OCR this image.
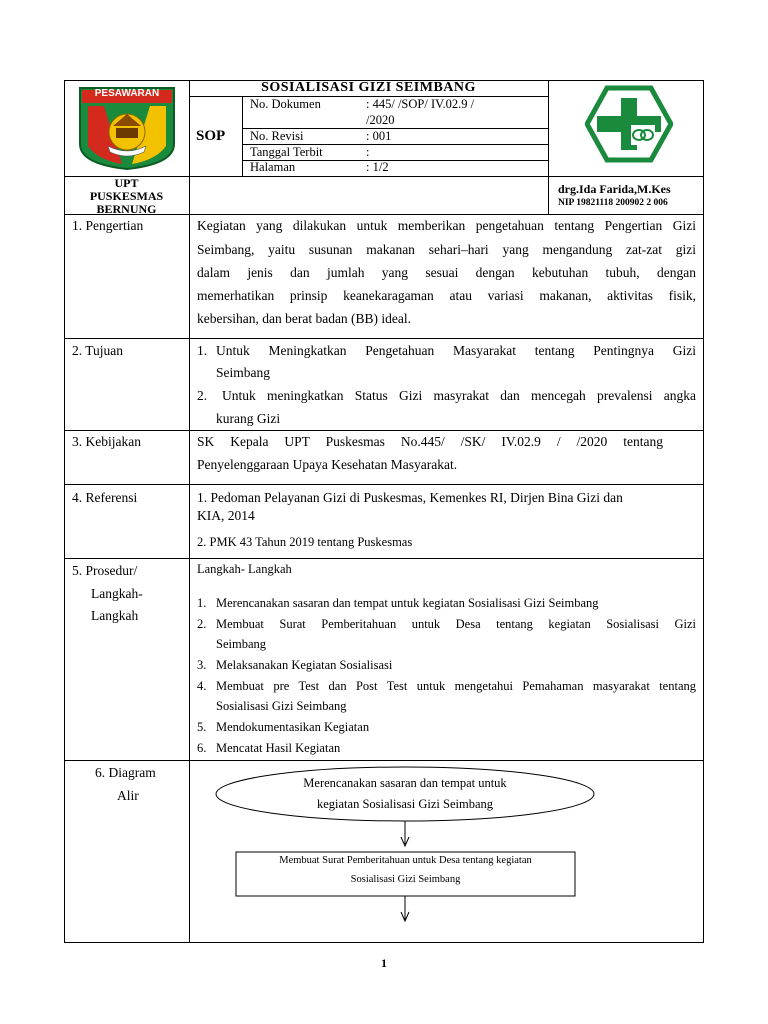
PESAWARAN	SOSIALISASI GIZI SEIMBANG
SOP
No. Dokumen	: 445/ /SOP/ IV.02.9 /
/2020
No. Revisi	: 001
Tanggal Terbit	:
Halaman	: 1/2
UPT
PUSKESMAS
BERNUNG
drg.Ida Farida,M.Kes
NIP 19821118 200902 2 006
1. Pengertian	Kegiatan yang dilakukan untuk memberikan pengetahuan tentang Pengertian Gizi
Seimbang, yaitu susunan makanan sehari–hari yang mengandung zat-zat gizi
dalam jenis dan jumlah yang sesuai dengan kebutuhan tubuh, dengan
memerhatikan prinsip keanekaragaman atau variasi makanan, aktivitas fisik,
kebersihan, dan berat badan (BB) ideal.
2. Tujuan	1. Untuk Meningkatkan Pengetahuan Masyarakat tentang Pentingnya Gizi
Seimbang
2. Untuk meningkatkan Status Gizi masyrakat dan mencegah prevalensi angka
kurang Gizi
3. Kebijakan	SK Kepala UPT Puskesmas No.445/ /SK/ IV.02.9 / /2020 tentang
Penyelenggaraan Upaya Kesehatan Masyarakat.
4. Referensi	1. Pedoman Pelayanan Gizi di Puskesmas, Kemenkes RI, Dirjen Bina Gizi dan
KIA, 2014
2. PMK 43 Tahun 2019 tentang Puskesmas
5. Prosedur/
Langkah-
Langkah
Langkah- Langkah
1. Merencanakan sasaran dan tempat untuk kegiatan Sosialisasi Gizi Seimbang
2. Membuat Surat Pemberitahuan untuk Desa tentang kegiatan Sosialisasi Gizi
Seimbang
3. Melaksanakan Kegiatan Sosialisasi
4. Membuat pre Test dan Post Test untuk mengetahui Pemahaman masyarakat tentang
Sosialisasi Gizi Seimbang
5. Mendokumentasikan Kegiatan
6. Mencatat Hasil Kegiatan
6. Diagram
Alir
Merencanakan sasaran dan tempat untuk
kegiatan Sosialisasi Gizi Seimbang
Membuat Surat Pemberitahuan untuk Desa tentang kegiatan
Sosialisasi Gizi Seimbang
1
